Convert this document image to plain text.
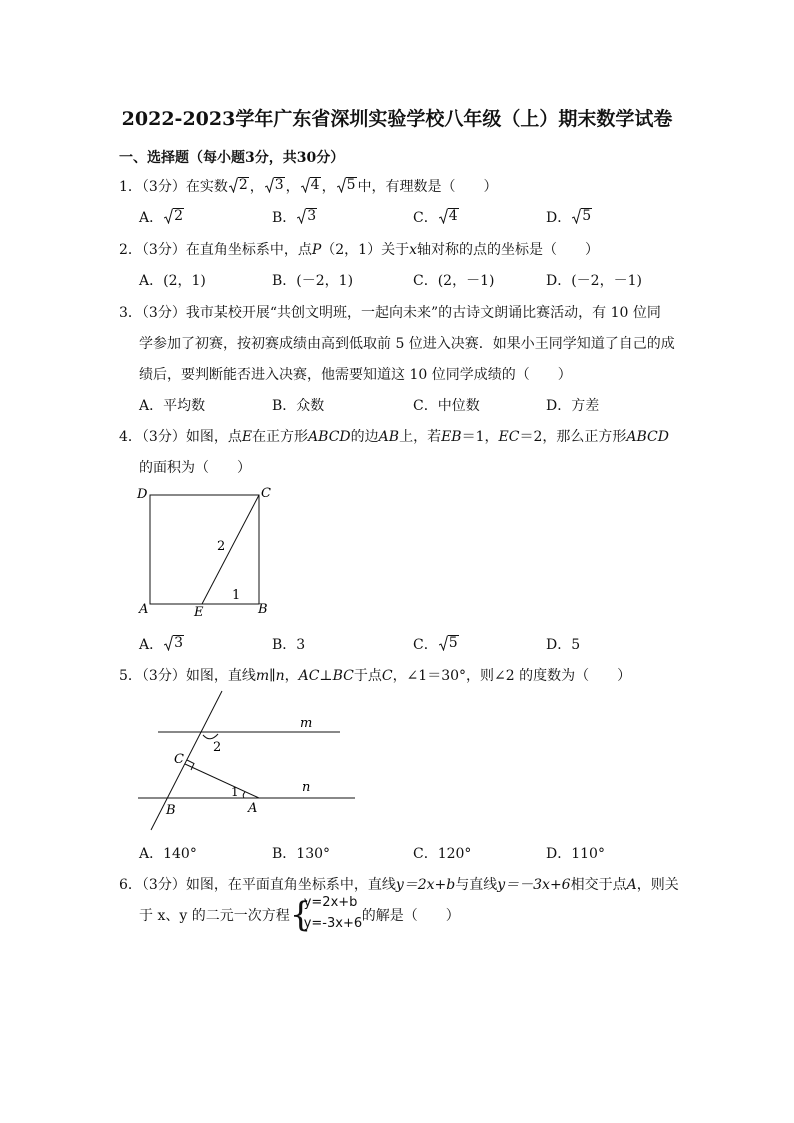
2022-2023学年广东省深圳实验学校八年级（上）期末数学试卷
一、选择题（每小题3分，共30分）
1．（3分）在实数 2 ， 3 ， 4 ， 5 中，有理数是（　　）
A． 2	B． 3	C． 4	D． 5
2．（3分）在直角坐标系中，点P（2，1）关于x轴对称的点的坐标是（　　）
A．(2，1)	B．(－2，1)	C．(2，－1)	D．(－2，－1)
3．（3分）我市某校开展“共创文明班，一起向未来”的古诗文朗诵比赛活动，有 10 位同
学参加了初赛，按初赛成绩由高到低取前 5 位进入决赛．如果小王同学知道了自己的成
绩后，要判断能否进入决赛，他需要知道这 10 位同学成绩的（　　）
A．平均数	B．众数	C．中位数	D．方差
4．（3分）如图，点E在正方形ABCD的边AB上，若EB＝1，EC＝2，那么正方形ABCD
的面积为（　　）
D	C
A	E	B
2
1
A． 3	B．3	C． 5	D．5
5．（3分）如图，直线m∥n，AC⊥BC于点C，∠1＝30°，则∠2 的度数为（　　）
m
n
C
B	A
2
1
A．140°	B．130°	C．120°	D．110°
6．（3分）如图，在平面直角坐标系中，直线y＝2x+b与直线y＝－3x+6相交于点A，则关
于 x、y 的二元一次方程 {
y=2x+b
y=-3x+6 的解是（　　）
